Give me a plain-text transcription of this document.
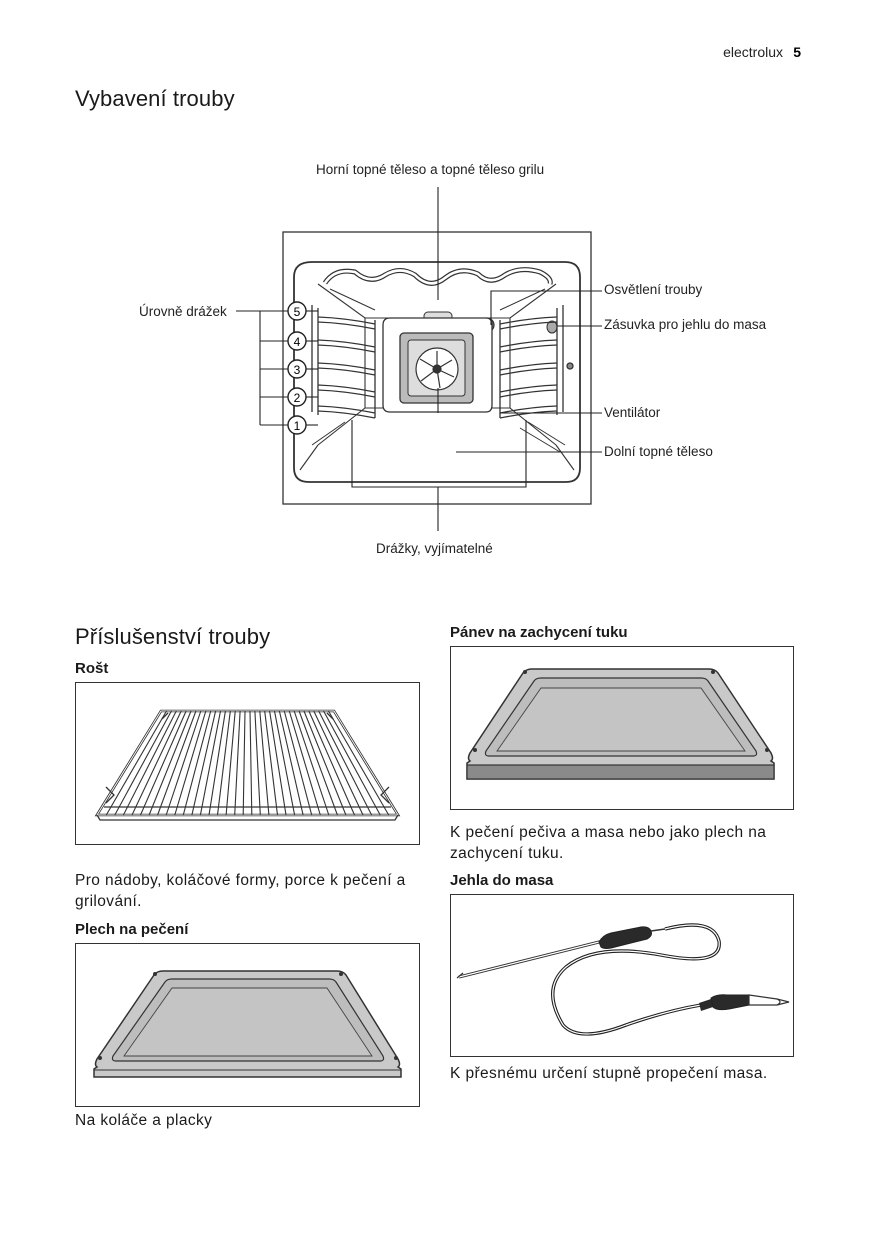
electrolux 5
Vybavení trouby
5
4
3
2
1
Horní topné těleso a topné těleso grilu
Úrovně drážek
Osvětlení trouby
Zásuvka pro jehlu do masa
Ventilátor
Dolní topné těleso
Drážky, vyjímatelné
Příslušenství trouby
Rošt
Pro nádoby, koláčové formy, porce k pečení a grilování.
Plech na pečení
Na koláče a placky
Pánev na zachycení tuku
K pečení pečiva a masa nebo jako plech na zachycení tuku.
Jehla do masa
K přesnému určení stupně propečení masa.
